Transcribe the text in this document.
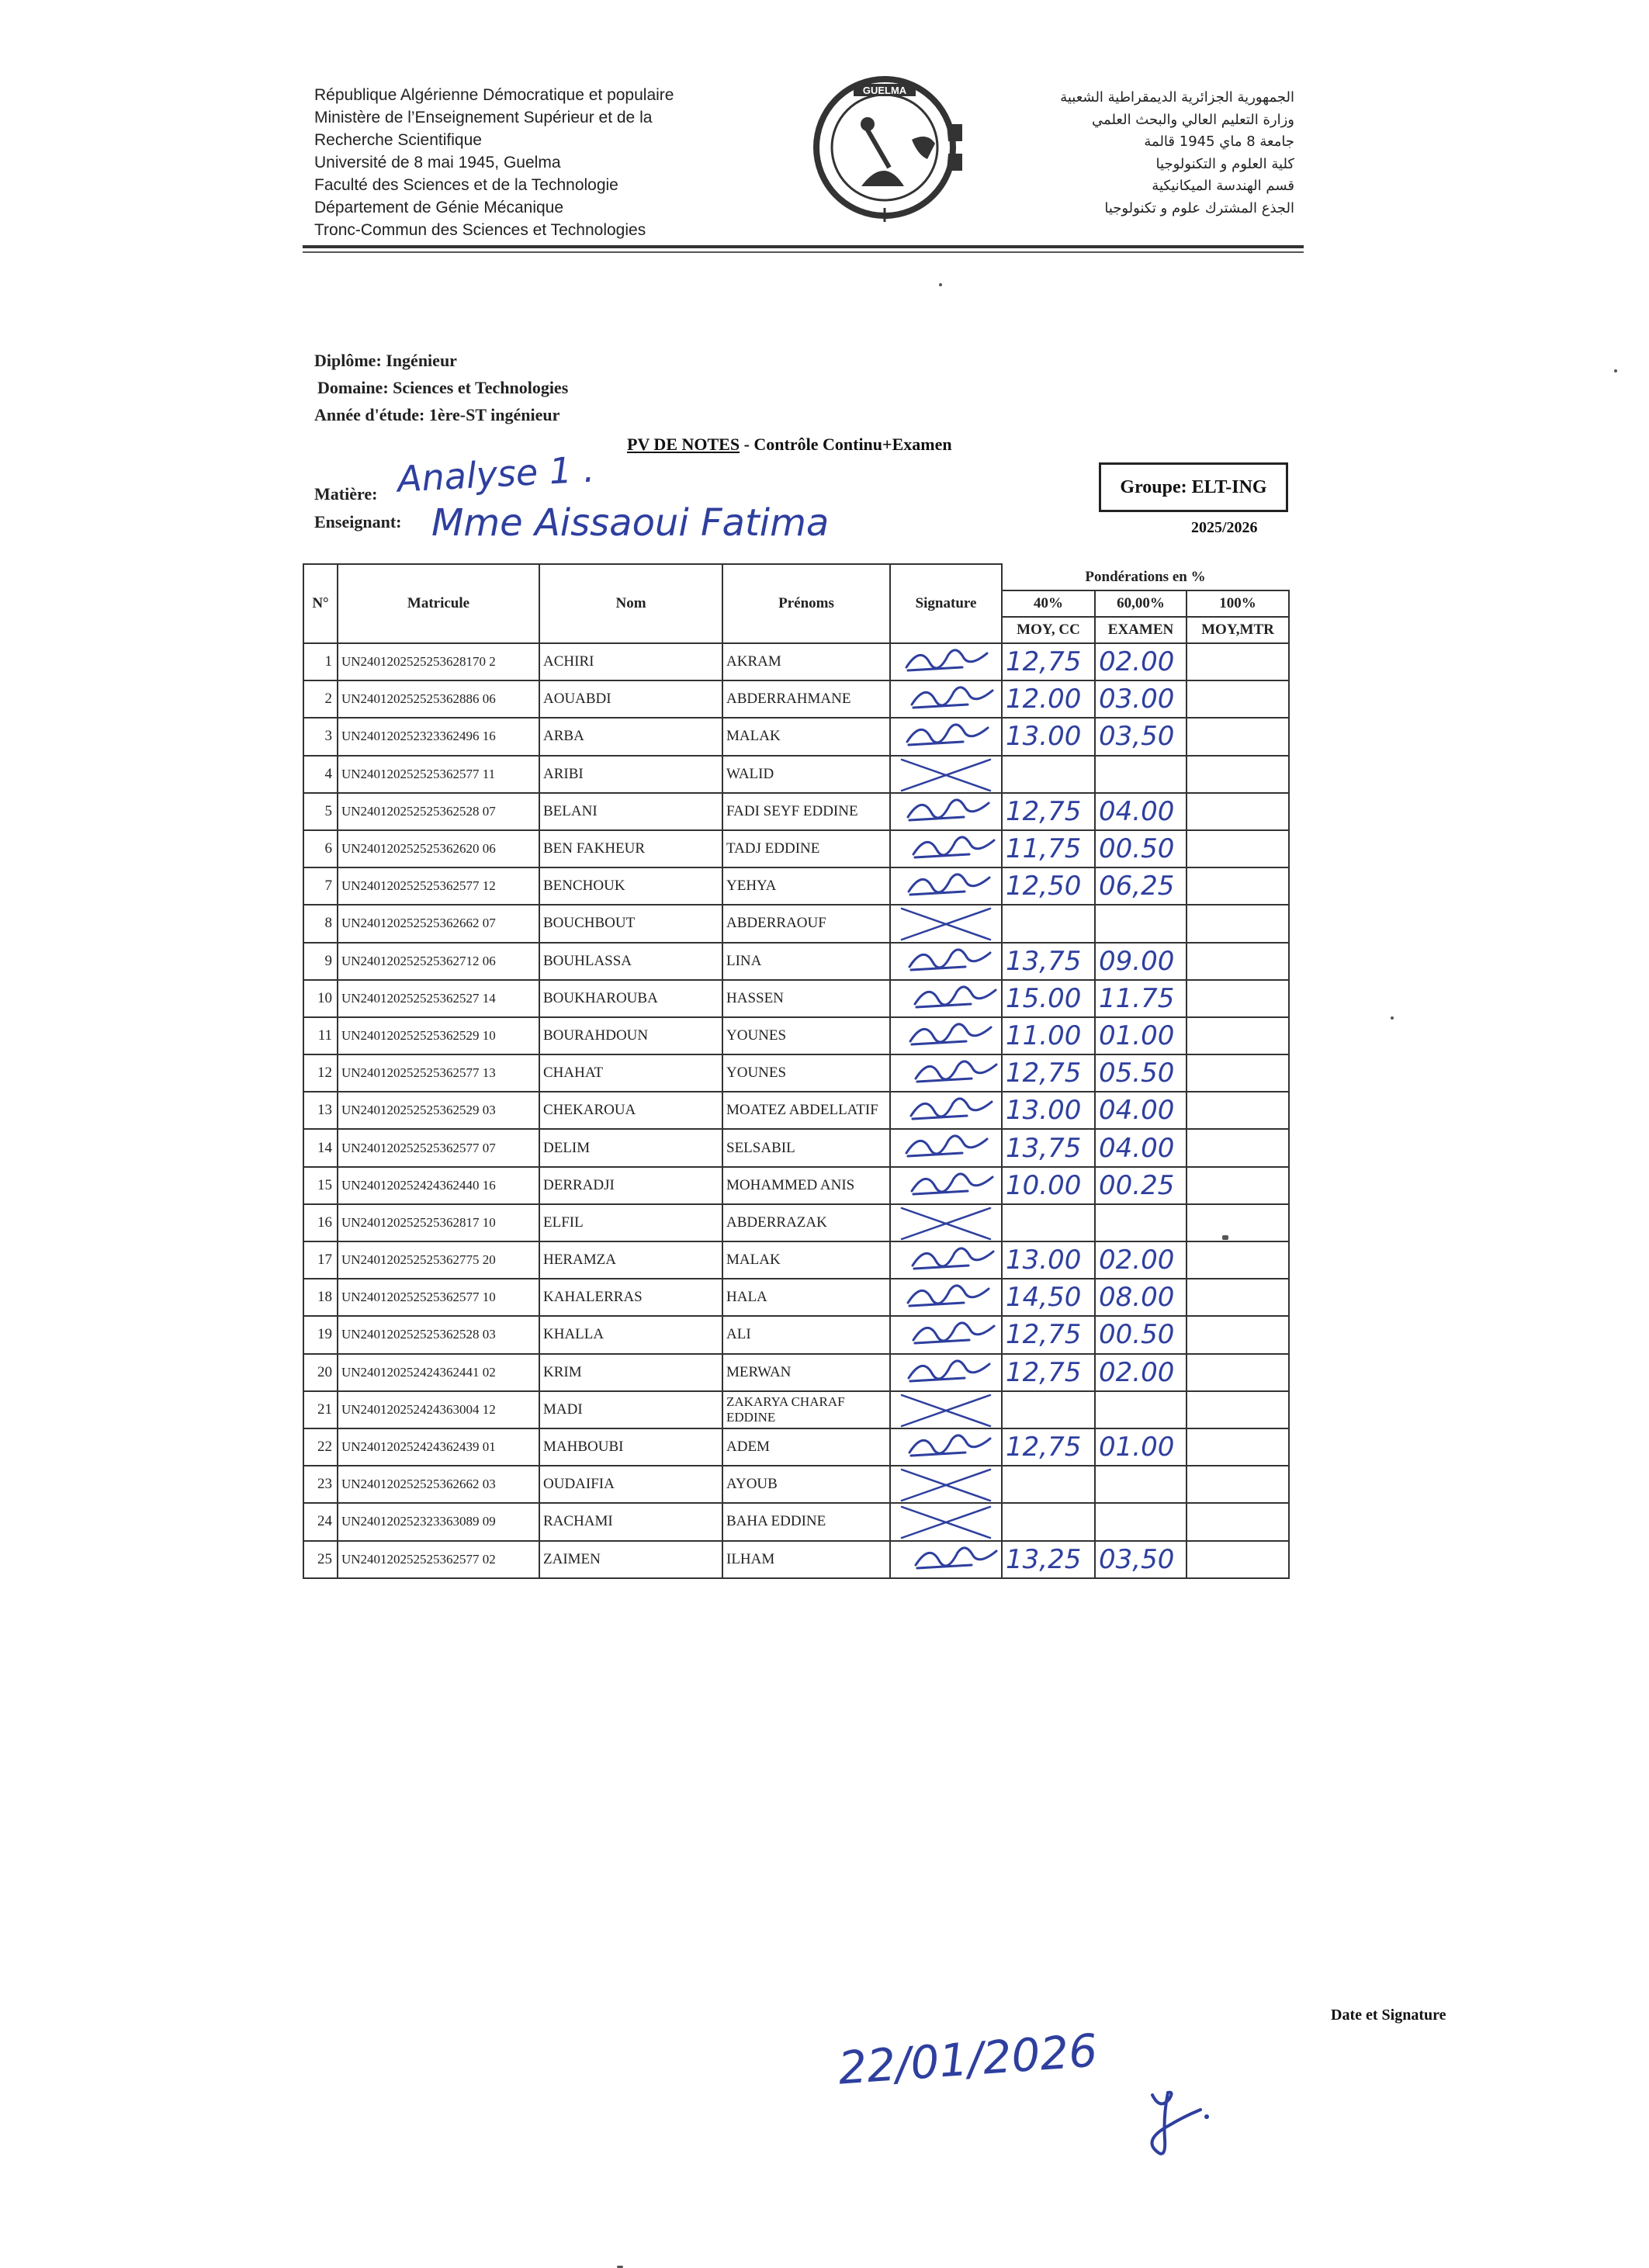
République Algérienne Démocratique et populaire
Ministère de l’Enseignement Supérieur et de la
Recherche Scientifique
Université de 8 mai 1945, Guelma
Faculté des Sciences et de la Technologie
Département de Génie Mécanique
Tronc-Commun des Sciences et Technologies
GUELMA	الجمهورية الجزائرية الديمقراطية الشعبية
وزارة التعليم العالي والبحث العلمي
جامعة 8 ماي 1945 قالمة
كلية العلوم و التكنولوجيا
قسم الهندسة الميكانيكية
الجذع المشترك علوم و تكنولوجيا
Diplôme: Ingénieur
Domaine: Sciences et Technologies
Année d'étude: 1ère-ST ingénieur
PV DE NOTES - Contrôle Continu+Examen
Matière: Analyse 1 .
Enseignant: Mme Aissaoui Fatima
Groupe: ELT-ING
2025/2026
N°	Matricule	Nom	Prénoms	Signature	Pondérations en %		
					40%	60,00%	100%
					MOY, CC	EXAMEN	MOY,MTR
1	UN2401202525253628170 2	ACHIRI	AKRAM		12,75	02.00	
2	UN240120252525362886 06	AOUABDI	ABDERRAHMANE		12.00	03.00	
3	UN240120252323362496 16	ARBA	MALAK		13.00	03,50	
4	UN240120252525362577 11	ARIBI	WALID	

5	UN240120252525362528 07	BELANI	FADI SEYF EDDINE		12,75	04.00	
6	UN240120252525362620 06	BEN FAKHEUR	TADJ EDDINE		11,75	00.50	
7	UN240120252525362577 12	BENCHOUK	YEHYA		12,50	06,25	
8	UN240120252525362662 07	BOUCHBOUT	ABDERRAOUF	

9	UN240120252525362712 06	BOUHLASSA	LINA		13,75	09.00	
10	UN240120252525362527 14	BOUKHAROUBA	HASSEN		15.00	11.75	
11	UN240120252525362529 10	BOURAHDOUN	YOUNES		11.00	01.00	
12	UN240120252525362577 13	CHAHAT	YOUNES		12,75	05.50	
13	UN240120252525362529 03	CHEKAROUA	MOATEZ ABDELLATIF		13.00	04.00	
14	UN240120252525362577 07	DELIM	SELSABIL		13,75	04.00	
15	UN240120252424362440 16	DERRADJI	MOHAMMED ANIS		10.00	00.25	
16	UN240120252525362817 10	ELFIL	ABDERRAZAK	

17	UN240120252525362775 20	HERAMZA	MALAK		13.00	02.00	
18	UN240120252525362577 10	KAHALERRAS	HALA		14,50	08.00	
19	UN240120252525362528 03	KHALLA	ALI		12,75	00.50	
20	UN240120252424362441 02	KRIM	MERWAN		12,75	02.00	
21	UN240120252424363004 12	MADI	ZAKARYA CHARAF EDDINE	

22	UN240120252424362439 01	MAHBOUBI	ADEM		12,75	01.00	
23	UN240120252525362662 03	OUDAIFIA	AYOUB	

24	UN240120252323363089 09	RACHAMI	BAHA EDDINE	

25	UN240120252525362577 02	ZAIMEN	ILHAM		13,25	03,50	
Date et Signature
22/01/2026
